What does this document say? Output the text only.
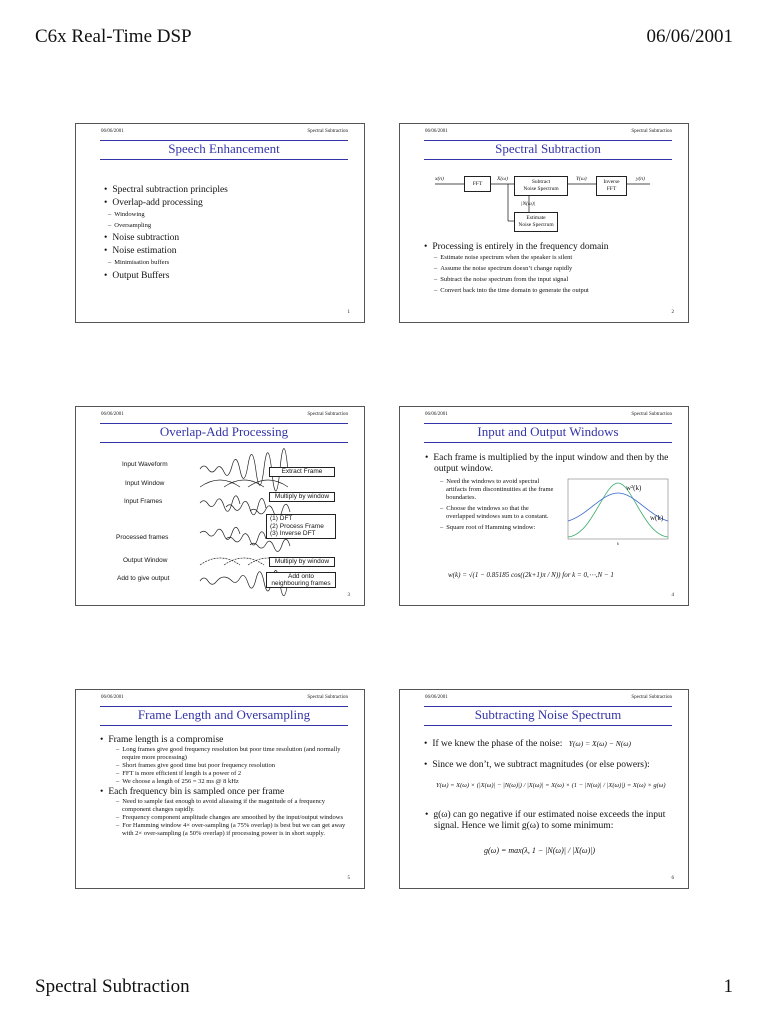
C6x Real-Time DSP	06/06/2001
06/06/2001	Spectral Subtraction
Speech Enhancement
• Spectral subtraction principles
• Overlap-add processing
– Windowing
– Oversampling
• Noise subtraction
• Noise estimation
– Minimisation buffers
• Output Buffers
1
06/06/2001	Spectral Subtraction
Spectral Subtraction
x(n)
FFT
X(ω)	Subtract
Noise Spectrum
Y(ω)	Inverse
FFT
y(n)
|N(ω)|
Estimate
Noise Spectrum
• Processing is entirely in the frequency domain
– Estimate noise spectrum when the speaker is silent
– Assume the noise spectrum doesn’t change rapidly
– Subtract the noise spectrum from the input signal
– Convert back into the time domain to generate the output
2
06/06/2001	Spectral Subtraction
Overlap-Add Processing
Input Waveform
Input Window
Input Frames
Processed frames
Output Window
Add to give output
Extract Frame
Multiply by window
(1) DFT
(2) Process Frame
(3) Inverse DFT
Multiply by window
Add onto
neighbouring frames
3
06/06/2001	Spectral Subtraction
Input and Output Windows
• Each frame is multiplied by the input window and then by the output window.
– Need the windows to avoid spectral artifacts from discontinuities at the frame boundaries.
– Choose the windows so that the overlapped windows sum to a constant.
– Square root of Hamming window:
w²(k)
w(k)
k
w(k) = √(1 − 0.85185 cos((2k+1)π / N)) for k = 0,⋯,N − 1
4
06/06/2001	Spectral Subtraction
Frame Length and Oversampling
• Frame length is a compromise
– Long frames give good frequency resolution but poor time resolution (and normally require more processing)
– Short frames give good time but poor frequency resolution
– FFT is more efficient if length is a power of 2
– We choose a length of 256 = 32 ms @ 8 kHz
• Each frequency bin is sampled once per frame
– Need to sample fast enough to avoid aliassing if the magnitude of a frequency component changes rapidly.
– Frequency component amplitude changes are smoothed by the input/output windows
– For Hamming window 4× over-sampling (a 75% overlap) is best but we can get away with 2× over-sampling (a 50% overlap) if processing power is in short supply.
5
06/06/2001	Spectral Subtraction
Subtracting Noise Spectrum
• If we knew the phase of the noise: Y(ω) = X(ω) − N(ω)
• Since we don’t, we subtract magnitudes (or else powers):
Y(ω) = X(ω) × (|X(ω)| − |N(ω)|) / |X(ω)| = X(ω) × (1 − |N(ω)| / |X(ω)|) = X(ω) × g(ω)
• g(ω) can go negative if our estimated noise exceeds the input signal. Hence we limit g(ω) to some minimum:
g(ω) = max(λ, 1 − |N(ω)| / |X(ω)|)
6
Spectral Subtraction	1
